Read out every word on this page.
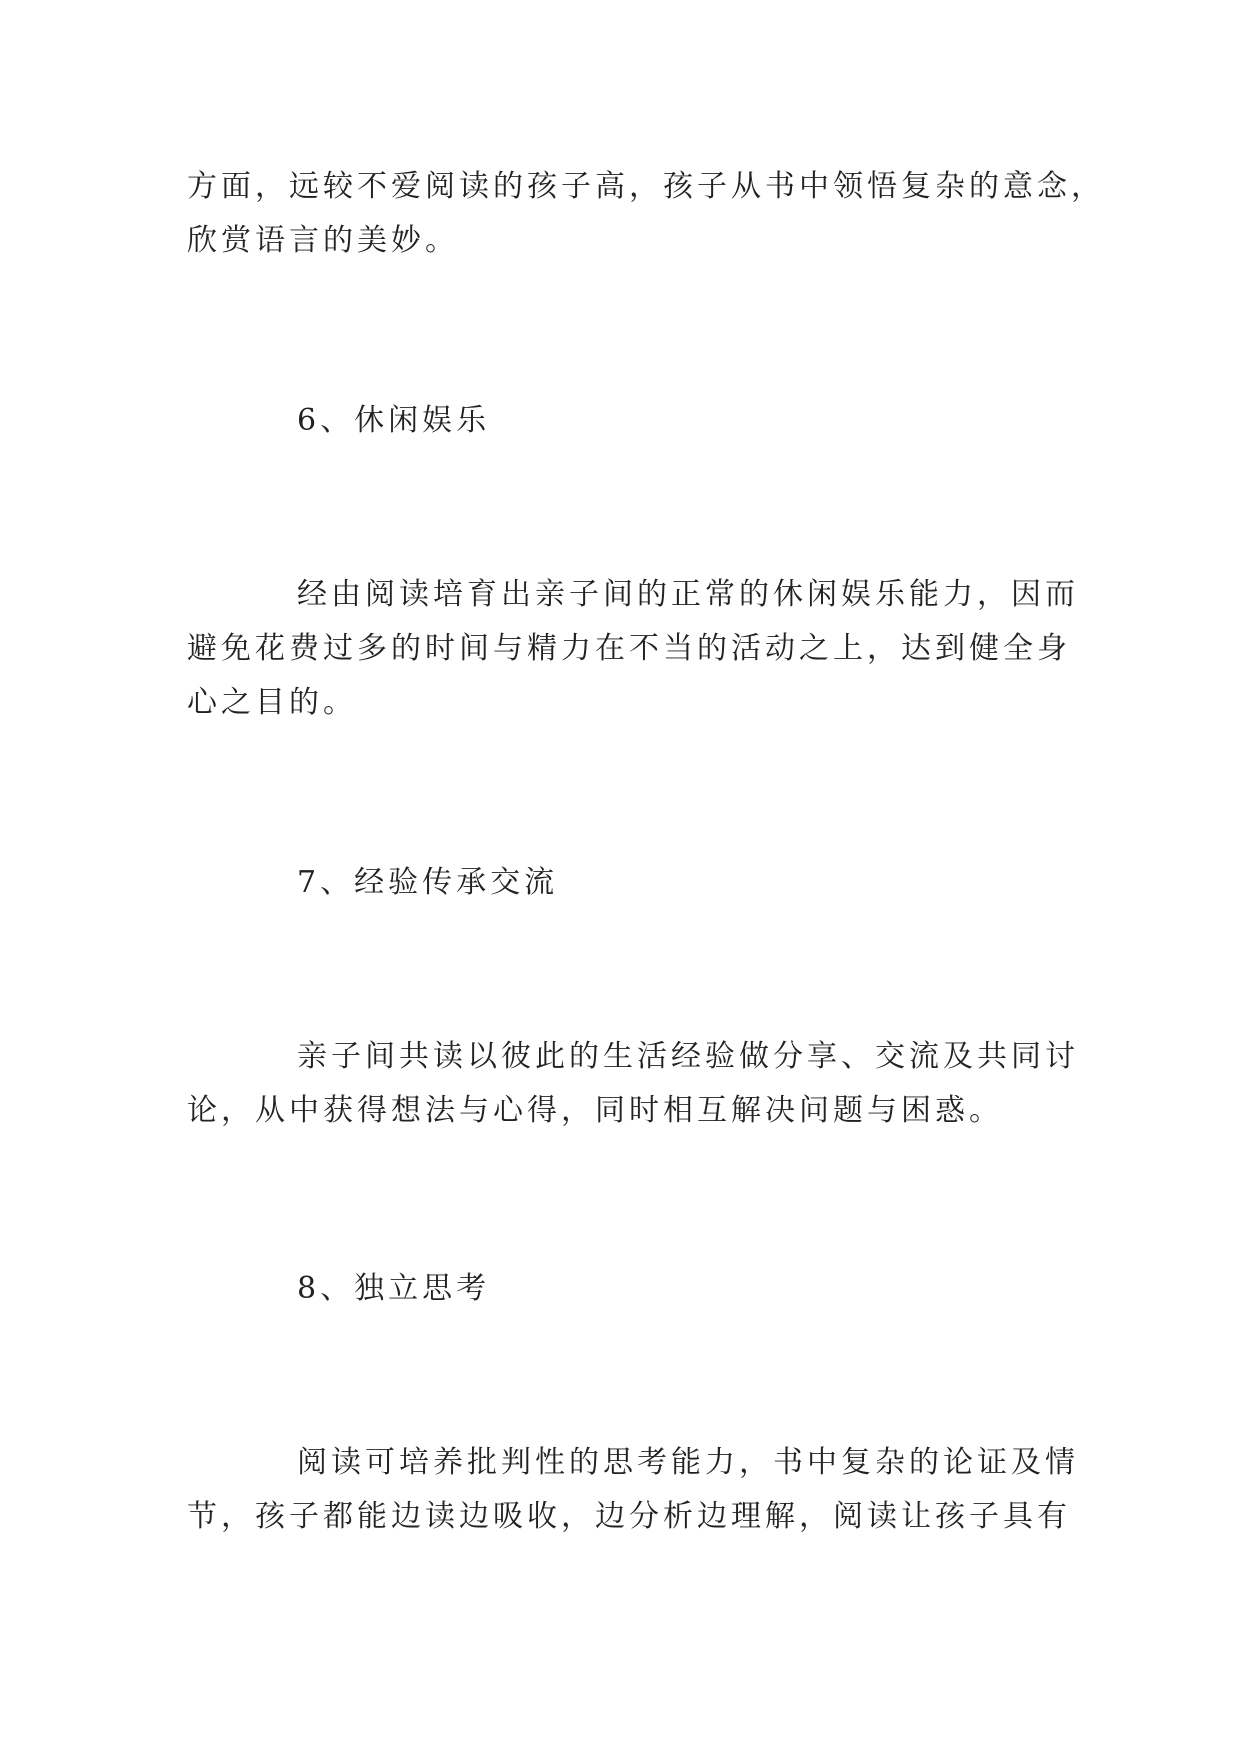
方面，远较不爱阅读的孩子高，孩子从书中领悟复杂的意念，
欣赏语言的美妙。

6、休闲娱乐

经由阅读培育出亲子间的正常的休闲娱乐能力，因而
避免花费过多的时间与精力在不当的活动之上，达到健全身
心之目的。

7、经验传承交流

亲子间共读以彼此的生活经验做分享、交流及共同讨
论，从中获得想法与心得，同时相互解决问题与困惑。

8、独立思考

阅读可培养批判性的思考能力，书中复杂的论证及情
节，孩子都能边读边吸收，边分析边理解，阅读让孩子具有
